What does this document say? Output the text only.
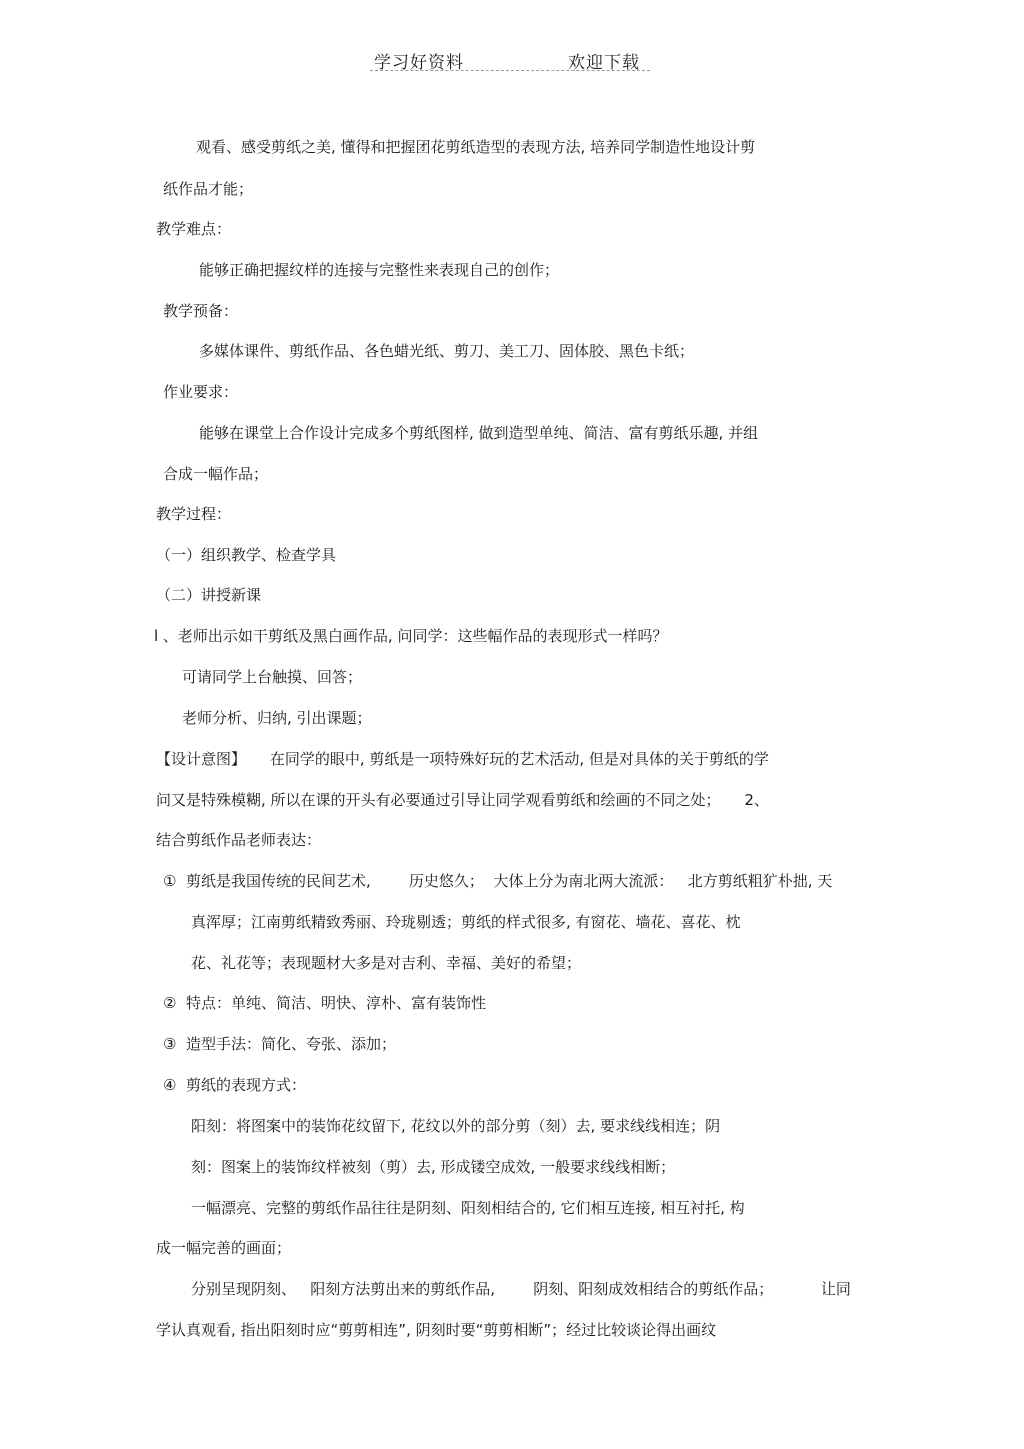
学习好资料	欢迎下载
观看、感受剪纸之美, 懂得和把握团花剪纸造型的表现方法, 培养同学制造性地设计剪
纸作品才能；
教学难点：
能够正确把握纹样的连接与完整性来表现自己的创作；
教学预备：
多媒体课件、剪纸作品、各色蜡光纸、剪刀、美工刀、固体胶、黑色卡纸；
作业要求：
能够在课堂上合作设计完成多个剪纸图样, 做到造型单纯、简洁、富有剪纸乐趣, 并组
合成一幅作品；
教学过程：
（一）组织教学、检查学具
（二）讲授新课
l 、老师出示如干剪纸及黑白画作品, 问同学：这些幅作品的表现形式一样吗？
可请同学上台触摸、回答；
老师分析、归纳, 引出课题；
【设计意图】     在同学的眼中, 剪纸是一项特殊好玩的艺术活动, 但是对具体的关于剪纸的学
问又是特殊模糊, 所以在课的开头有必要通过引导让同学观看剪纸和绘画的不同之处；     2、
结合剪纸作品老师表达：
①  剪纸是我国传统的民间艺术,        历史悠久；  大体上分为南北两大流派：   北方剪纸粗犷朴拙, 天
真浑厚；江南剪纸精致秀丽、玲珑剔透；剪纸的样式很多, 有窗花、墙花、喜花、枕
花、礼花等；表现题材大多是对吉利、幸福、美好的希望；
②  特点：单纯、简洁、明快、淳朴、富有装饰性
③  造型手法：简化、夸张、添加；
④  剪纸的表现方式：
阳刻：将图案中的装饰花纹留下, 花纹以外的部分剪（刻）去, 要求线线相连；阴
刻：图案上的装饰纹样被刻（剪）去, 形成镂空成效, 一般要求线线相断；
一幅漂亮、完整的剪纸作品往往是阴刻、阳刻相结合的, 它们相互连接, 相互衬托, 构
成一幅完善的画面；
分别呈现阴刻、   阳刻方法剪出来的剪纸作品,        阴刻、阳刻成效相结合的剪纸作品；          让同
学认真观看, 指出阳刻时应“剪剪相连”, 阴刻时要“剪剪相断”；经过比较谈论得出画纹
